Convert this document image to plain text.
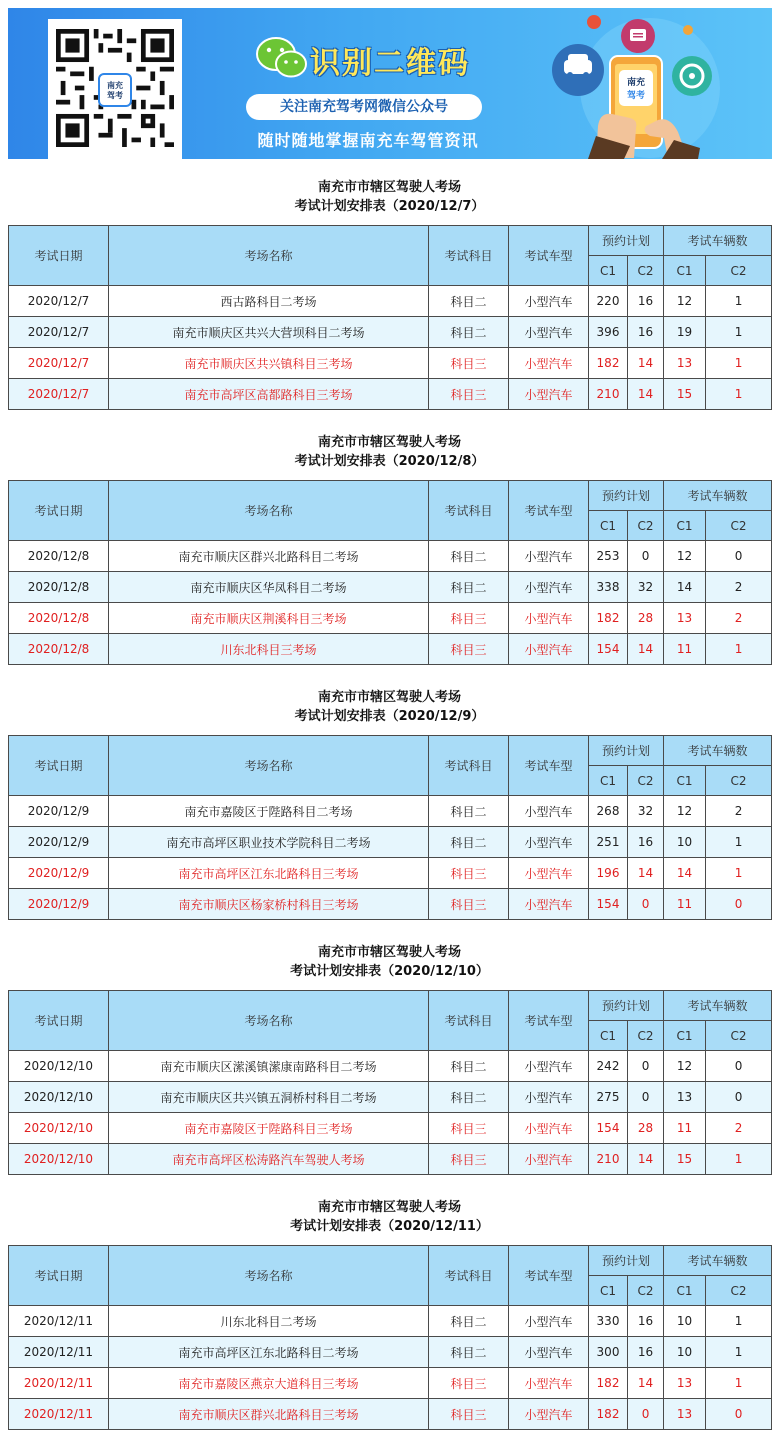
南充
驾考
识别二维码
关注南充驾考网微信公众号
随时随地掌握南充车驾管资讯
南充
驾考
南充市市辖区驾驶人考场
考试计划安排表（2020/12/7）
考试日期	考场名称	考试科目	考试车型	预约计划		考试车辆数	
				C1	C2	C1	C2
2020/12/7	西古路科目二考场	科目二	小型汽车	220	16	12	1
2020/12/7	南充市顺庆区共兴大营坝科目二考场	科目二	小型汽车	396	16	19	1
2020/12/7	南充市顺庆区共兴镇科目三考场	科目三	小型汽车	182	14	13	1
2020/12/7	南充市高坪区高都路科目三考场	科目三	小型汽车	210	14	15	1
南充市市辖区驾驶人考场
考试计划安排表（2020/12/8）
考试日期	考场名称	考试科目	考试车型	预约计划		考试车辆数	
				C1	C2	C1	C2
2020/12/8	南充市顺庆区群兴北路科目二考场	科目二	小型汽车	253	0	12	0
2020/12/8	南充市顺庆区华凤科目二考场	科目二	小型汽车	338	32	14	2
2020/12/8	南充市顺庆区荆溪科目三考场	科目三	小型汽车	182	28	13	2
2020/12/8	川东北科目三考场	科目三	小型汽车	154	14	11	1
南充市市辖区驾驶人考场
考试计划安排表（2020/12/9）
考试日期	考场名称	考试科目	考试车型	预约计划		考试车辆数	
				C1	C2	C1	C2
2020/12/9	南充市嘉陵区于陛路科目二考场	科目二	小型汽车	268	32	12	2
2020/12/9	南充市高坪区职业技术学院科目二考场	科目二	小型汽车	251	16	10	1
2020/12/9	南充市高坪区江东北路科目三考场	科目三	小型汽车	196	14	14	1
2020/12/9	南充市顺庆区杨家桥村科目三考场	科目三	小型汽车	154	0	11	0
南充市市辖区驾驶人考场
考试计划安排表（2020/12/10）
考试日期	考场名称	考试科目	考试车型	预约计划		考试车辆数	
				C1	C2	C1	C2
2020/12/10	南充市顺庆区潆溪镇潆康南路科目二考场	科目二	小型汽车	242	0	12	0
2020/12/10	南充市顺庆区共兴镇五洞桥村科目二考场	科目二	小型汽车	275	0	13	0
2020/12/10	南充市嘉陵区于陛路科目三考场	科目三	小型汽车	154	28	11	2
2020/12/10	南充市高坪区松涛路汽车驾驶人考场	科目三	小型汽车	210	14	15	1
南充市市辖区驾驶人考场
考试计划安排表（2020/12/11）
考试日期	考场名称	考试科目	考试车型	预约计划		考试车辆数	
				C1	C2	C1	C2
2020/12/11	川东北科目二考场	科目二	小型汽车	330	16	10	1
2020/12/11	南充市高坪区江东北路科目二考场	科目二	小型汽车	300	16	10	1
2020/12/11	南充市嘉陵区燕京大道科目三考场	科目三	小型汽车	182	14	13	1
2020/12/11	南充市顺庆区群兴北路科目三考场	科目三	小型汽车	182	0	13	0
